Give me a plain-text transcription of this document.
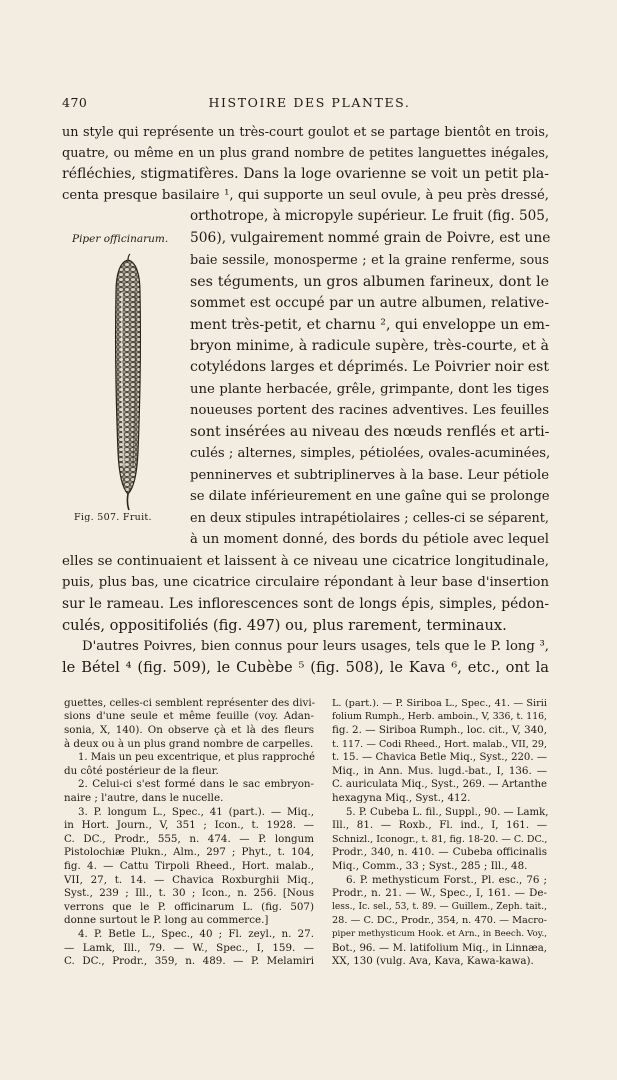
470	HISTOIRE DES PLANTES.
un style qui représente un très-court goulot et se partage bientôt en trois,
quatre, ou même en un plus grand nombre de petites languettes inégales,
réfléchies, stigmatifères. Dans la loge ovarienne se voit un petit pla-
centa presque basilaire ¹, qui supporte un seul ovule, à peu près dressé,
orthotrope, à micropyle supérieur. Le fruit (fig. 505,
506), vulgairement nommé grain de Poivre, est une
baie sessile, monosperme ; et la graine renferme, sous
ses téguments, un gros albumen farineux, dont le
sommet est occupé par un autre albumen, relative-
ment très-petit, et charnu ², qui enveloppe un em-
bryon minime, à radicule supère, très-courte, et à
cotylédons larges et déprimés. Le Poivrier noir est
une plante herbacée, grêle, grimpante, dont les tiges
noueuses portent des racines adventives. Les feuilles
sont insérées au niveau des nœuds renflés et arti-
culés ; alternes, simples, pétiolées, ovales-acuminées,
penninerves et subtriplinerves à la base. Leur pétiole
se dilate inférieurement en une gaîne qui se prolonge
en deux stipules intrapétiolaires ; celles-ci se séparent,
à un moment donné, des bords du pétiole avec lequel
elles se continuaient et laissent à ce niveau une cicatrice longitudinale,
puis, plus bas, une cicatrice circulaire répondant à leur base d'insertion
sur le rameau. Les inflorescences sont de longs épis, simples, pédon-
culés, oppositifoliés (fig. 497) ou, plus rarement, terminaux.
D'autres Poivres, bien connus pour leurs usages, tels que le P. long ³,
le Bétel ⁴ (fig. 509), le Cubèbe ⁵ (fig. 508), le Kava ⁶, etc., ont la
Piper officinarum.
Fig. 507. Fruit.
guettes, celles-ci semblent représenter des divi-
sions d'une seule et même feuille (voy. Adan-
sonia, X, 140). On observe çà et là des fleurs
à deux ou à un plus grand nombre de carpelles.
1. Mais un peu excentrique, et plus rapproché
du côté postérieur de la fleur.
2. Celui-ci s'est formé dans le sac embryon-
naire ; l'autre, dans le nucelle.
3. P. longum L., Spec., 41 (part.). — Miq.,
in Hort. Journ., V, 351 ; Icon., t. 1928. —
C. DC., Prodr., 555, n. 474. — P. longum
Pistolochiæ Plukn., Alm., 297 ; Phyt., t. 104,
fig. 4. — Cattu Tirpoli Rheed., Hort. malab.,
VII, 27, t. 14. — Chavica Roxburghii Miq.,
Syst., 239 ; Ill., t. 30 ; Icon., n. 256. [Nous
verrons que le P. officinarum L. (fig. 507)
donne surtout le P. long au commerce.]
4. P. Betle L., Spec., 40 ; Fl. zeyl., n. 27.
— Lamk, Ill., 79. — W., Spec., I, 159. —
C. DC., Prodr., 359, n. 489. — P. Melamiri
L. (part.). — P. Siriboa L., Spec., 41. — Sirii
folium Rumph., Herb. amboin., V, 336, t. 116,
fig. 2. — Siriboa Rumph., loc. cit., V, 340,
t. 117. — Codi Rheed., Hort. malab., VII, 29,
t. 15. — Chavica Betle Miq., Syst., 220. —
Miq., in Ann. Mus. lugd.-bat., I, 136. —
C. auriculata Miq., Syst., 269. — Artanthe
hexagyna Miq., Syst., 412.
5. P. Cubeba L. fil., Suppl., 90. — Lamk,
Ill., 81. — Roxb., Fl. ind., I, 161. —
Schnizl., Iconogr., t. 81, fig. 18-20. — C. DC.,
Prodr., 340, n. 410. — Cubeba officinalis
Miq., Comm., 33 ; Syst., 285 ; Ill., 48.
6. P. methysticum Forst., Pl. esc., 76 ;
Prodr., n. 21. — W., Spec., I, 161. — De-
less., Ic. sel., 53, t. 89. — Guillem., Zeph. tait.,
28. — C. DC., Prodr., 354, n. 470. — Macro-
piper methysticum Hook. et Arn., in Beech. Voy.,
Bot., 96. — M. latifolium Miq., in Linnæa,
XX, 130 (vulg. Ava, Kava, Kawa-kawa).
